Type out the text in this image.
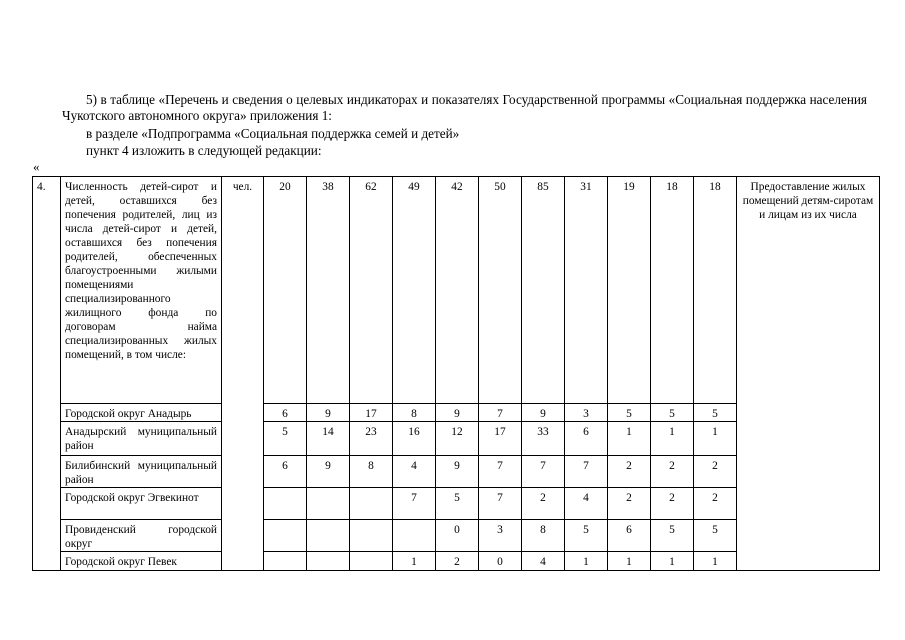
5) в таблице «Перечень и сведения о целевых индикаторах и показателях Государственной программы «Социальная поддержка населения Чукотского автономного округа» приложения 1:

в разделе «Подпрограмма «Социальная поддержка семей и детей»

пункт 4 изложить в следующей редакции:

«
4.	Численность детей-сирот и детей, оставшихся без попечения родителей, лиц из числа детей-сирот и детей, оставшихся без попечения родителей, обеспеченных благоустроенными жилыми помещениями специализированного жилищного фонда по договорам найма специализированных жилых помещений, в том числе:	чел.	20	38	62	49	42	50	85	31	19	18	18	Предоставление жилых помещений детям-сиротам и лицам из их числа
	Городской округ Анадырь		6	9	17	8	9	7	9	3	5	5	5	
	Анадырский муниципальный район		5	14	23	16	12	17	33	6	1	1	1	
	Билибинский муниципальный район		6	9	8	4	9	7	7	7	2	2	2	
	Городской округ Эгвекинот					7	5	7	2	4	2	2	2	
	Провиденский городской округ						0	3	8	5	6	5	5	
	Городской округ Певек					1	2	0	4	1	1	1	1	
